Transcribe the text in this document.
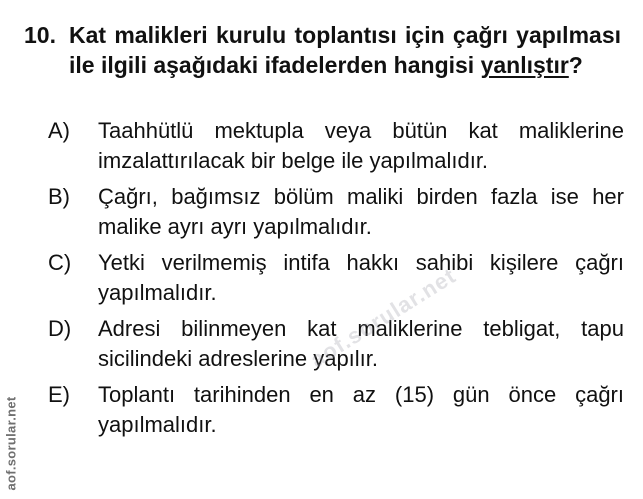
10. Kat malikleri kurulu toplantısı için çağrı yapılması ile ilgili aşağıdaki ifadelerden hangisi yanlıştır?
A) Taahhütlü mektupla veya bütün kat maliklerine imzalattırılacak bir belge ile yapılmalıdır.
B) Çağrı, bağımsız bölüm maliki birden fazla ise her malike ayrı ayrı yapılmalıdır.
C) Yetki verilmemiş intifa hakkı sahibi kişilere çağrı yapılmalıdır.
D) Adresi bilinmeyen kat maliklerine tebligat, tapu sicilindeki adreslerine yapılır.
E) Toplantı tarihinden en az (15) gün önce çağrı yapılmalıdır.
aof.sorular.net
aof.sorular.net
